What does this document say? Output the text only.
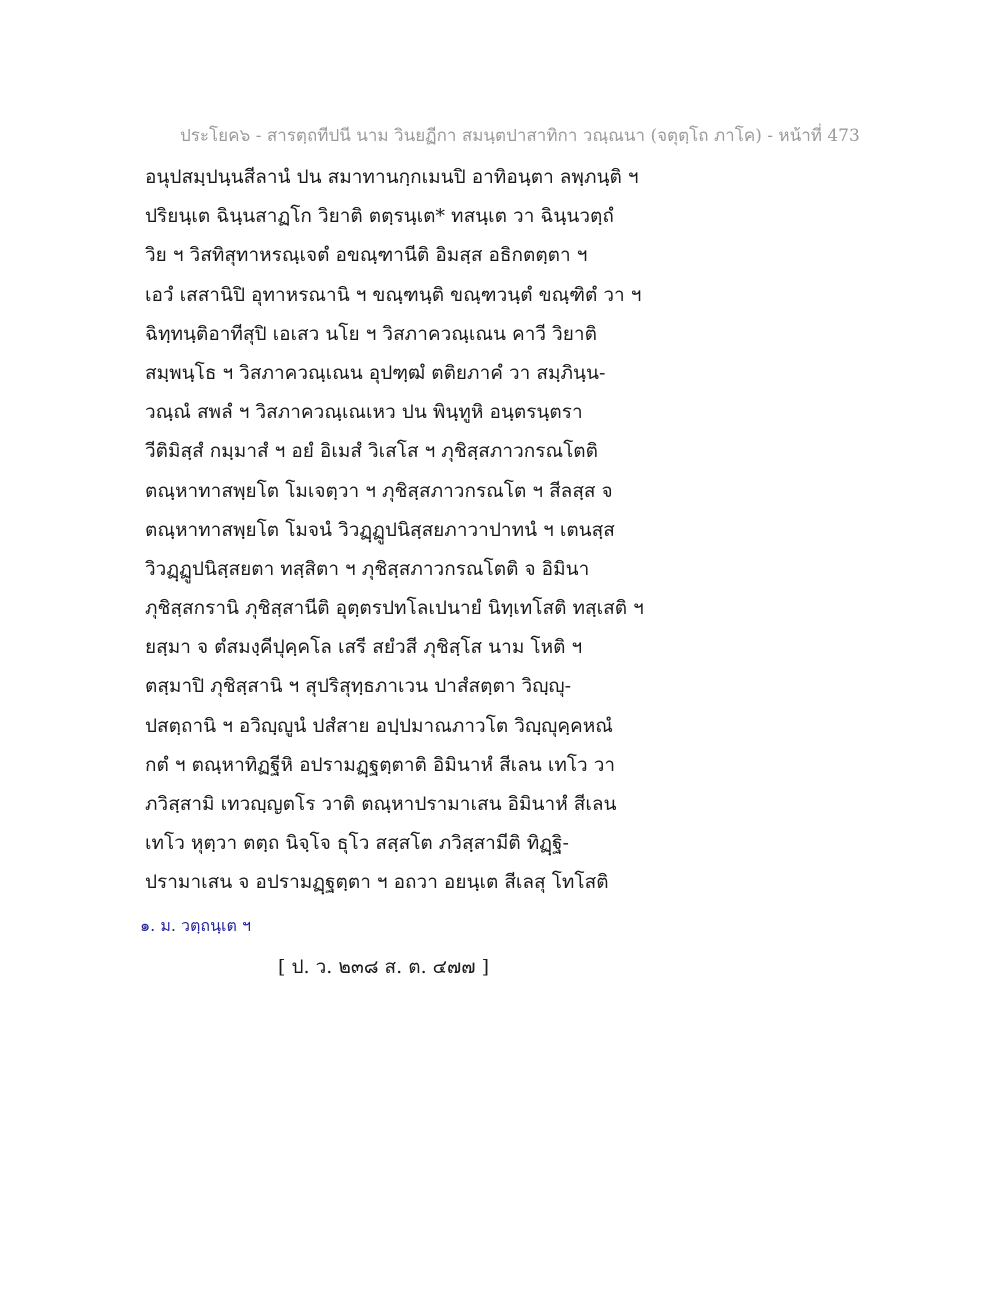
ประโยค๖ - สารตฺถทีปนี นาม วินยฏีกา สมนฺตปาสาทิกา วณฺณนา (จตุตฺโถ ภาโค) - หน้าที่ 473
อนุปสมฺปนฺนสีลานํ ปน สมาทานกฺกเมนปิ อาทิอนฺตา ลพฺภนฺติ ฯ
ปริยนฺเต ฉินฺนสาฏโก วิยาติ ตตฺรนฺเต* ทสนฺเต วา ฉินฺนวตฺถํ
วิย ฯ วิสทิสุทาหรณฺเจตํ อขณฺฑานีติ อิมสฺส อธิกตตฺตา ฯ
เอวํ เสสานิปิ อุทาหรณานิ ฯ ขณฺฑนฺติ ขณฺฑวนฺตํ ขณฺฑิตํ วา ฯ
ฉิทฺทนฺติอาทีสุปิ เอเสว นโย ฯ วิสภาควณฺเณน คาวี วิยาติ
สมฺพนฺโธ ฯ วิสภาควณฺเณน อุปฑฺฒํ ตติยภาคํ วา สมฺภินฺน-
วณฺณํ สพลํ ฯ วิสภาควณฺเณเหว ปน พินฺทูหิ อนฺตรนฺตรา
วีติมิสฺสํ กมฺมาสํ ฯ อยํ อิเมสํ วิเสโส ฯ ภุชิสฺสภาวกรณโตติ
ตณฺหาทาสพฺยโต โมเจตฺวา ฯ ภุชิสฺสภาวกรณโต ฯ สีลสฺส จ
ตณฺหาทาสพฺยโต โมจนํ วิวฏฺฏูปนิสฺสยภาวาปาทนํ ฯ เตนสฺส
วิวฏฺฏูปนิสฺสยตา ทสฺสิตา ฯ ภุชิสฺสภาวกรณโตติ จ อิมินา
ภุชิสฺสกรานิ ภุชิสฺสานีติ อุตฺตรปทโลเปนายํ นิทฺเทโสติ ทสฺเสติ ฯ
ยสฺมา จ ตํสมงฺคีปุคฺคโล เสรี สยํวสี ภุชิสฺโส นาม โหติ ฯ
ตสฺมาปิ ภุชิสฺสานิ ฯ สุปริสุทฺธภาเวน ปาสํสตฺตา วิญฺญุ-
ปสตฺถานิ ฯ อวิญฺญูนํ ปสํสาย อปฺปมาณภาวโต วิญฺญุคฺคหณํ
กตํ ฯ ตณฺหาทิฏฐีหิ อปรามฏฺฐตฺตาติ อิมินาหํ สีเลน เทโว วา
ภวิสฺสามิ เทวญฺญตโร วาติ ตณฺหาปรามาเสน อิมินาหํ สีเลน
เทโว หุตฺวา ตตฺถ นิจฺโจ ธุโว สสฺสโต ภวิสฺสามีติ ทิฏฺฐิ-
ปรามาเสน จ อปรามฏฺฐตฺตา ฯ อถวา อยนฺเต สีเลสุ โทโสติ
๑. ม. วตฺถนฺเต ฯ
[ ป. ว. ๒๓๘ ส. ต. ๔๗๗ ]
